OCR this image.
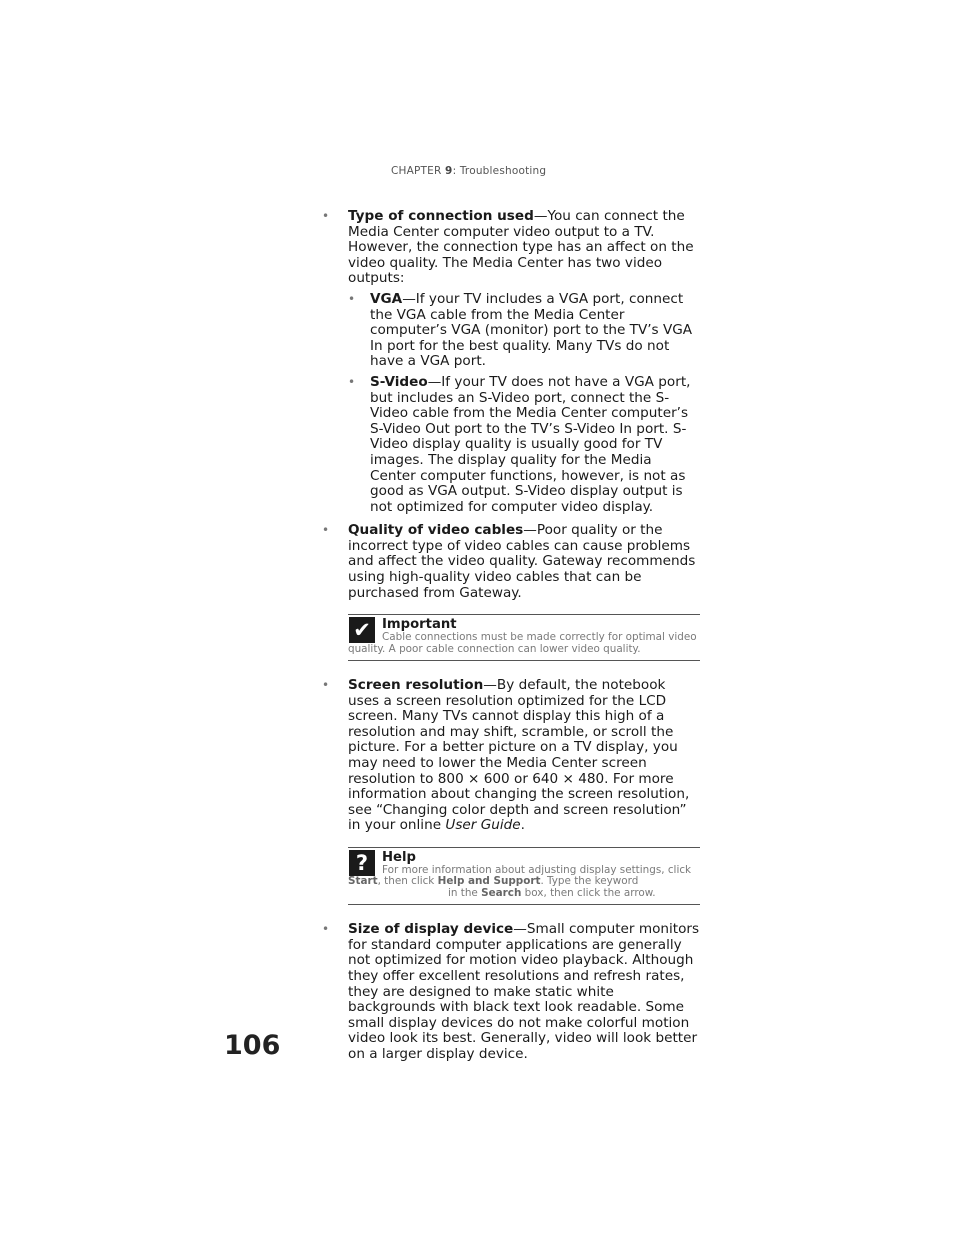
CHAPTER 9: Troubleshooting
• Type of connection used—You can connect the Media Center computer video output to a TV. However, the connection type has an affect on the video quality. The Media Center has two video outputs:

• VGA—If your TV includes a VGA port, connect the VGA cable from the Media Center computer’s VGA (monitor) port to the TV’s VGA In port for the best quality. Many TVs do not have a VGA port.

• S-Video—If your TV does not have a VGA port, but includes an S-Video port, connect the S-Video cable from the Media Center computer’s S-Video Out port to the TV’s S-Video In port. S-Video display quality is usually good for TV images. The display quality for the Media Center computer functions, however, is not as good as VGA output. S-Video display output is not optimized for computer video display.

• Quality of video cables—Poor quality or the incorrect type of video cables can cause problems and affect the video quality. Gateway recommends using high-quality video cables that can be purchased from Gateway.

✔ Important
Cable connections must be made correctly for optimal video quality. A poor cable connection can lower video quality.
• Screen resolution—By default, the notebook uses a screen resolution optimized for the LCD screen. Many TVs cannot display this high of a resolution and may shift, scramble, or scroll the picture. For a better picture on a TV display, you may need to lower the Media Center screen resolution to 800 × 600 or 640 × 480. For more information about changing the screen resolution, see “Changing color depth and screen resolution” in your online User Guide.

?	Help
For more information about adjusting display settings, click Start, then click Help and Support. Type the keyword
in the Search box, then click the arrow.
• Size of display device—Small computer monitors for standard computer applications are generally not optimized for motion video playback. Although they offer excellent resolutions and refresh rates, they are designed to make static white backgrounds with black text look readable. Some small display devices do not make colorful motion video look its best. Generally, video will look better on a larger display device.

106
